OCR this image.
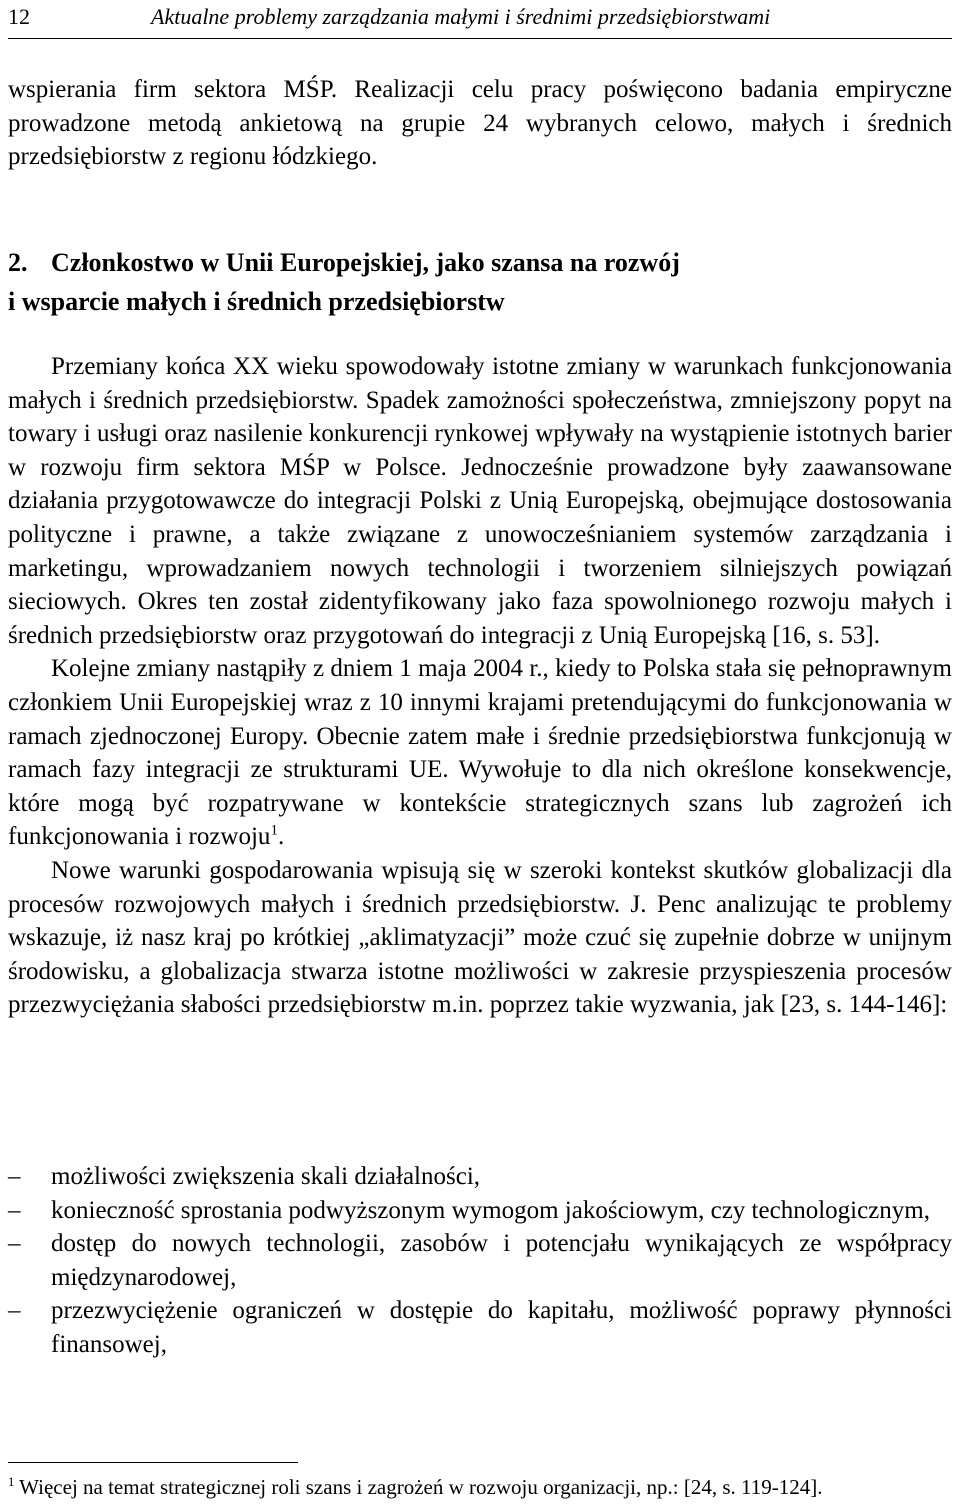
12	Aktualne problemy zarządzania małymi i średnimi przedsiębiorstwami

wspierania firm sektora MŚP. Realizacji celu pracy poświęcono badania empiryczne prowadzone metodą ankietową na grupie 24 wybranych celowo, małych i średnich przedsiębiorstw z regionu łódzkiego.

2. Członkostwo w Unii Europejskiej, jako szansa na rozwój
i wsparcie małych i średnich przedsiębiorstw

Przemiany końca XX wieku spowodowały istotne zmiany w warunkach funkcjonowania małych i średnich przedsiębiorstw. Spadek zamożności społeczeństwa, zmniejszony popyt na towary i usługi oraz nasilenie konkurencji rynkowej wpływały na wystąpienie istotnych barier w rozwoju firm sektora MŚP w Polsce. Jednocześnie prowadzone były zaawansowane działania przygotowawcze do integracji Polski z Unią Europejską, obejmujące dostosowania polityczne i prawne, a także związane z unowocześnianiem systemów zarządzania i marketingu, wprowadzaniem nowych technologii i tworzeniem silniejszych powiązań sieciowych. Okres ten został zidentyfikowany jako faza spowolnionego rozwoju małych i średnich przedsiębiorstw oraz przygotowań do integracji z Unią Europejską [16, s. 53].

Kolejne zmiany nastąpiły z dniem 1 maja 2004 r., kiedy to Polska stała się pełnoprawnym członkiem Unii Europejskiej wraz z 10 innymi krajami pretendującymi do funkcjonowania w ramach zjednoczonej Europy. Obecnie zatem małe i średnie przedsiębiorstwa funkcjonują w ramach fazy integracji ze strukturami UE. Wywołuje to dla nich określone konsekwencje, które mogą być rozpatrywane w kontekście strategicznych szans lub zagrożeń ich funkcjonowania i rozwoju$^1$.

Nowe warunki gospodarowania wpisują się w szeroki kontekst skutków globalizacji dla procesów rozwojowych małych i średnich przedsiębiorstw. J. Penc analizując te problemy wskazuje, iż nasz kraj po krótkiej „aklimatyzacji” może czuć się zupełnie dobrze w unijnym środowisku, a globalizacja stwarza istotne możliwości w zakresie przyspieszenia procesów przezwyciężania słabości przedsiębiorstw m.in. poprzez takie wyzwania, jak [23, s. 144-146]:

– możliwości zwiększenia skali działalności,
– konieczność sprostania podwyższonym wymogom jakościowym, czy technologicznym,
– dostęp do nowych technologii, zasobów i potencjału wynikających ze współpracy międzynarodowej,
– przezwyciężenie ograniczeń w dostępie do kapitału, możliwość poprawy płynności finansowej,
$^1$ Więcej na temat strategicznej roli szans i zagrożeń w rozwoju organizacji, np.: [24, s. 119-124].
